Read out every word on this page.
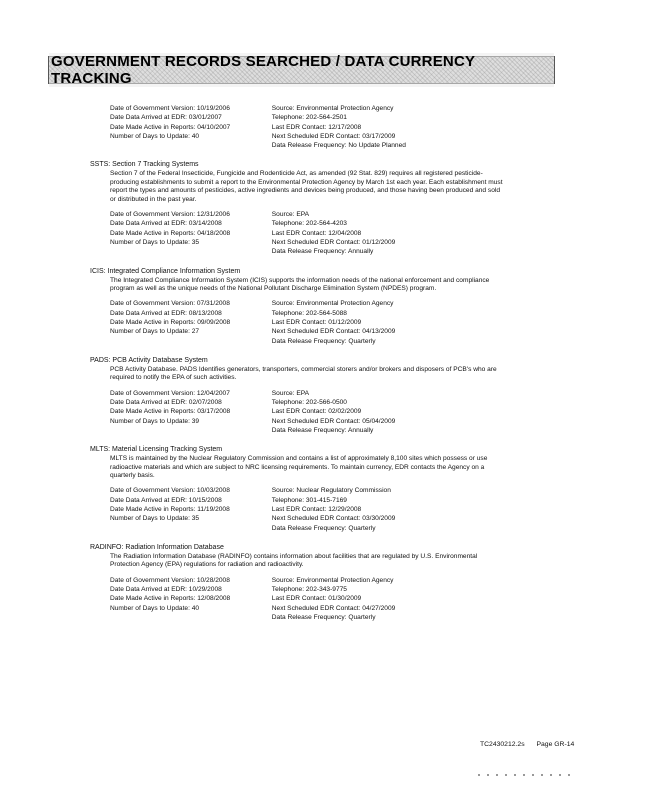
GOVERNMENT RECORDS SEARCHED / DATA CURRENCY TRACKING
Date of Government Version: 10/19/2006
Date Data Arrived at EDR: 03/01/2007
Date Made Active in Reports: 04/10/2007
Number of Days to Update: 40
Source: Environmental Protection Agency
Telephone: 202-564-2501
Last EDR Contact: 12/17/2008
Next Scheduled EDR Contact: 03/17/2009
Data Release Frequency: No Update Planned
SSTS: Section 7 Tracking Systems
Section 7 of the Federal Insecticide, Fungicide and Rodenticide Act, as amended (92 Stat. 829) requires all registered pesticide-producing establishments to submit a report to the Environmental Protection Agency by March 1st each year. Each establishment must report the types and amounts of pesticides, active ingredients and devices being produced, and those having been produced and sold or distributed in the past year.
Date of Government Version: 12/31/2006
Date Data Arrived at EDR: 03/14/2008
Date Made Active in Reports: 04/18/2008
Number of Days to Update: 35
Source: EPA
Telephone: 202-564-4203
Last EDR Contact: 12/04/2008
Next Scheduled EDR Contact: 01/12/2009
Data Release Frequency: Annually
ICIS: Integrated Compliance Information System
The Integrated Compliance Information System (ICIS) supports the information needs of the national enforcement and compliance program as well as the unique needs of the National Pollutant Discharge Elimination System (NPDES) program.
Date of Government Version: 07/31/2008
Date Data Arrived at EDR: 08/13/2008
Date Made Active in Reports: 09/09/2008
Number of Days to Update: 27
Source: Environmental Protection Agency
Telephone: 202-564-5088
Last EDR Contact: 01/12/2009
Next Scheduled EDR Contact: 04/13/2009
Data Release Frequency: Quarterly
PADS: PCB Activity Database System
PCB Activity Database. PADS Identifies generators, transporters, commercial storers and/or brokers and disposers of PCB's who are required to notify the EPA of such activities.
Date of Government Version: 12/04/2007
Date Data Arrived at EDR: 02/07/2008
Date Made Active in Reports: 03/17/2008
Number of Days to Update: 39
Source: EPA
Telephone: 202-566-0500
Last EDR Contact: 02/02/2009
Next Scheduled EDR Contact: 05/04/2009
Data Release Frequency: Annually
MLTS: Material Licensing Tracking System
MLTS is maintained by the Nuclear Regulatory Commission and contains a list of approximately 8,100 sites which possess or use radioactive materials and which are subject to NRC licensing requirements. To maintain currency, EDR contacts the Agency on a quarterly basis.
Date of Government Version: 10/03/2008
Date Data Arrived at EDR: 10/15/2008
Date Made Active in Reports: 11/19/2008
Number of Days to Update: 35
Source: Nuclear Regulatory Commission
Telephone: 301-415-7169
Last EDR Contact: 12/29/2008
Next Scheduled EDR Contact: 03/30/2009
Data Release Frequency: Quarterly
RADINFO: Radiation Information Database
The Radiation Information Database (RADINFO) contains information about facilities that are regulated by U.S. Environmental Protection Agency (EPA) regulations for radiation and radioactivity.
Date of Government Version: 10/28/2008
Date Data Arrived at EDR: 10/29/2008
Date Made Active in Reports: 12/08/2008
Number of Days to Update: 40
Source: Environmental Protection Agency
Telephone: 202-343-9775
Last EDR Contact: 01/30/2009
Next Scheduled EDR Contact: 04/27/2009
Data Release Frequency: Quarterly
TC2430212.2s Page GR-14
